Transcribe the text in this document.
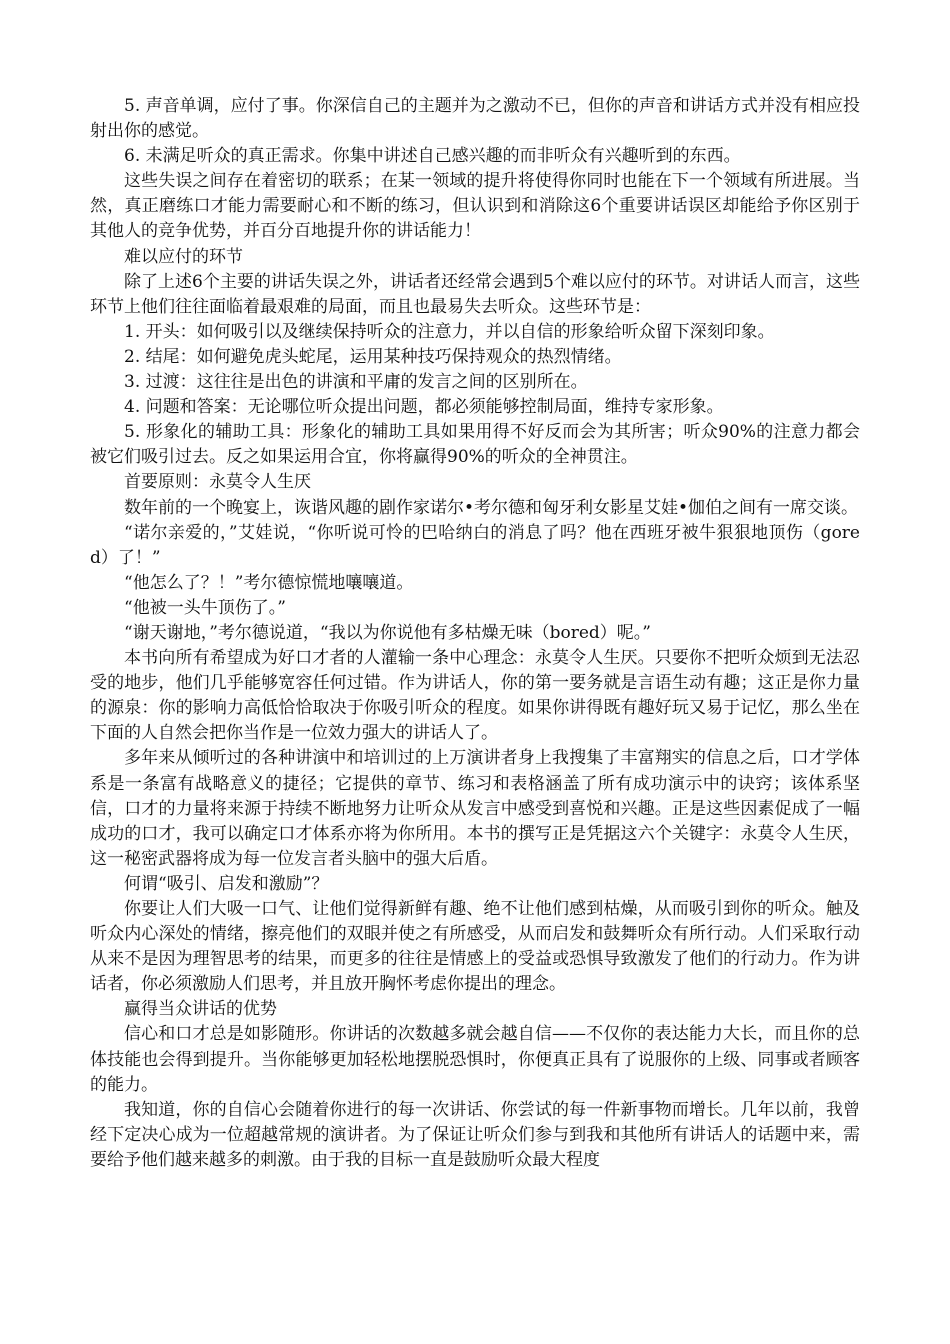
5. 声音单调，应付了事。你深信自己的主题并为之激动不已，但你的声音和讲话方式并没有相应投射出你的感觉。

6. 未满足听众的真正需求。你集中讲述自己感兴趣的而非听众有兴趣听到的东西。

这些失误之间存在着密切的联系；在某一领域的提升将使得你同时也能在下一个领域有所进展。当然，真正磨练口才能力需要耐心和不断的练习，但认识到和消除这6个重要讲话误区却能给予你区别于其他人的竞争优势，并百分百地提升你的讲话能力！

难以应付的环节

除了上述6个主要的讲话失误之外，讲话者还经常会遇到5个难以应付的环节。对讲话人而言，这些环节上他们往往面临着最艰难的局面，而且也最易失去听众。这些环节是：

1. 开头：如何吸引以及继续保持听众的注意力，并以自信的形象给听众留下深刻印象。

2. 结尾：如何避免虎头蛇尾，运用某种技巧保持观众的热烈情绪。

3. 过渡：这往往是出色的讲演和平庸的发言之间的区别所在。

4. 问题和答案：无论哪位听众提出问题，都必须能够控制局面，维持专家形象。

5. 形象化的辅助工具：形象化的辅助工具如果用得不好反而会为其所害；听众90%的注意力都会被它们吸引过去。反之如果运用合宜，你将赢得90%的听众的全神贯注。

首要原则：永莫令人生厌

数年前的一个晚宴上，诙谐风趣的剧作家诺尔•考尔德和匈牙利女影星艾娃•伽伯之间有一席交谈。

“诺尔亲爱的，”艾娃说，“你听说可怜的巴哈纳白的消息了吗？他在西班牙被牛狠狠地顶伤（gored）了！”

“他怎么了？！”考尔德惊慌地嚷嚷道。

“他被一头牛顶伤了。”

“谢天谢地，”考尔德说道，“我以为你说他有多枯燥无味（bored）呢。”

本书向所有希望成为好口才者的人灌输一条中心理念：永莫令人生厌。只要你不把听众烦到无法忍受的地步，他们几乎能够宽容任何过错。作为讲话人，你的第一要务就是言语生动有趣；这正是你力量的源泉：你的影响力高低恰恰取决于你吸引听众的程度。如果你讲得既有趣好玩又易于记忆，那么坐在下面的人自然会把你当作是一位效力强大的讲话人了。

多年来从倾听过的各种讲演中和培训过的上万演讲者身上我搜集了丰富翔实的信息之后，口才学体系是一条富有战略意义的捷径；它提供的章节、练习和表格涵盖了所有成功演示中的诀窍；该体系坚信，口才的力量将来源于持续不断地努力让听众从发言中感受到喜悦和兴趣。正是这些因素促成了一幅成功的口才，我可以确定口才体系亦将为你所用。本书的撰写正是凭据这六个关键字：永莫令人生厌，这一秘密武器将成为每一位发言者头脑中的强大后盾。

何谓“吸引、启发和激励”？

你要让人们大吸一口气、让他们觉得新鲜有趣、绝不让他们感到枯燥，从而吸引到你的听众。触及听众内心深处的情绪，擦亮他们的双眼并使之有所感受，从而启发和鼓舞听众有所行动。人们采取行动从来不是因为理智思考的结果，而更多的往往是情感上的受益或恐惧导致激发了他们的行动力。作为讲话者，你必须激励人们思考，并且放开胸怀考虑你提出的理念。

赢得当众讲话的优势

信心和口才总是如影随形。你讲话的次数越多就会越自信——不仅你的表达能力大长，而且你的总体技能也会得到提升。当你能够更加轻松地摆脱恐惧时，你便真正具有了说服你的上级、同事或者顾客的能力。

我知道，你的自信心会随着你进行的每一次讲话、你尝试的每一件新事物而增长。几年以前，我曾经下定决心成为一位超越常规的演讲者。为了保证让听众们参与到我和其他所有讲话人的话题中来，需要给予他们越来越多的刺激。由于我的目标一直是鼓励听众最大程度
